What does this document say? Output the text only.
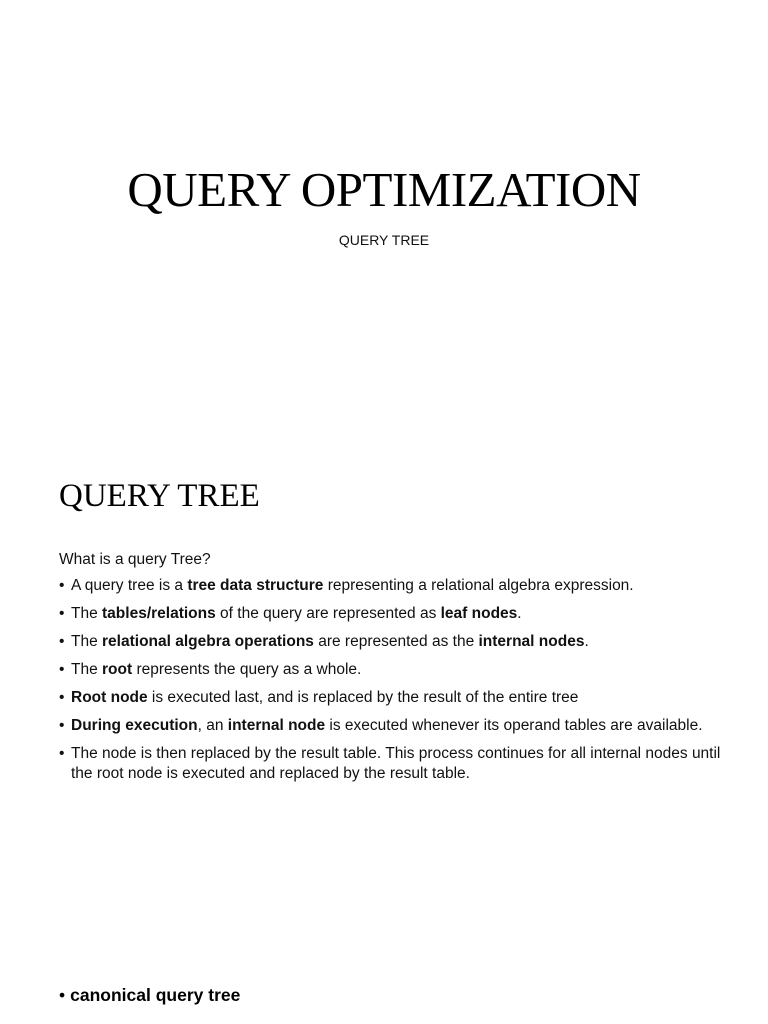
QUERY OPTIMIZATION

QUERY TREE

QUERY TREE

What is a query Tree?

• A query tree is a tree data structure representing a relational algebra expression.
• The tables/relations of the query are represented as leaf nodes.
• The relational algebra operations are represented as the internal nodes.
• The root represents the query as a whole.
• Root node is executed last, and is replaced by the result of the entire tree
• During execution, an internal node is executed whenever its operand tables are available.
• The node is then replaced by the result table. This process continues for all internal nodes until the root node is executed and replaced by the result table.
• canonical query tree
